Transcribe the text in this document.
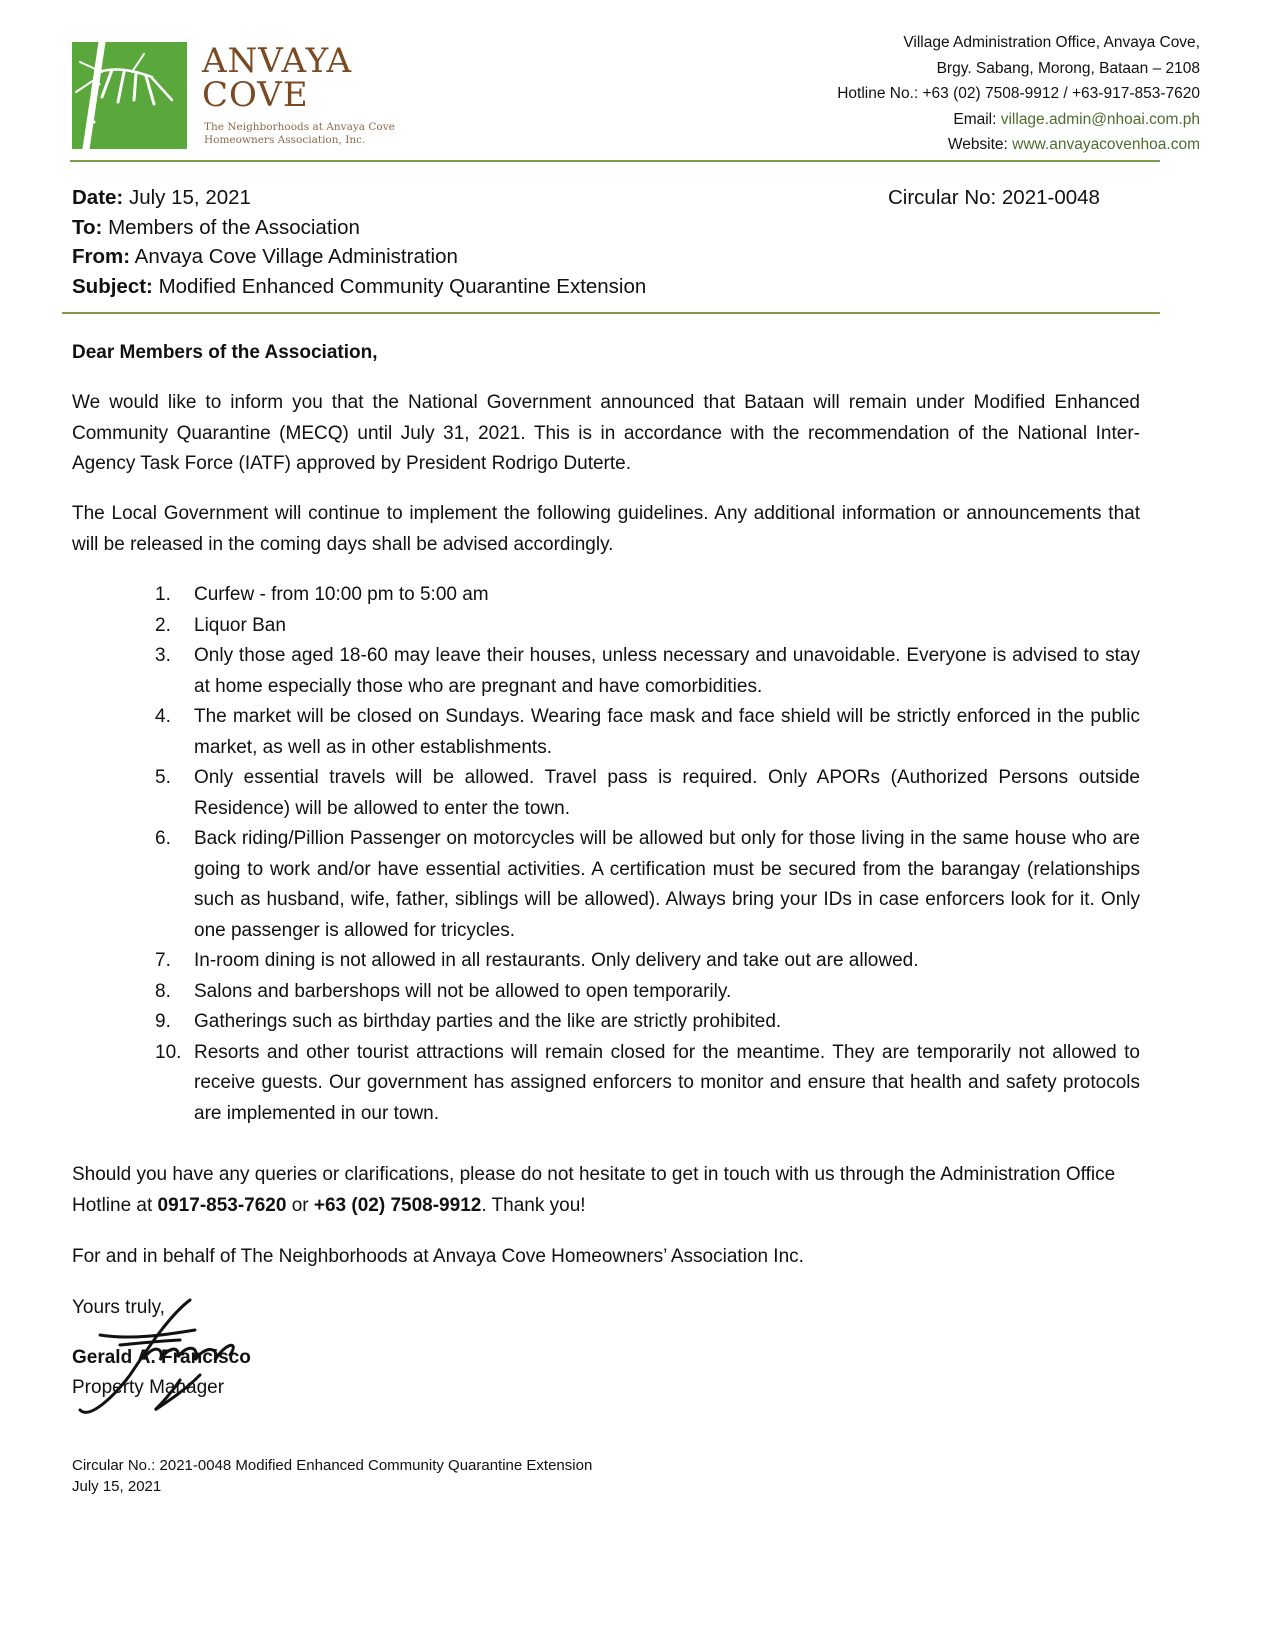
ANVAYA
COVE
The Neighborhoods at Anvaya Cove
Homeowners Association, Inc.
Village Administration Office, Anvaya Cove,
Brgy. Sabang, Morong, Bataan – 2108
Hotline No.: +63 (02) 7508-9912 / +63-917-853-7620
Email: village.admin@nhoai.com.ph
Website: www.anvayacovenhoa.com
Date: July 15, 2021
To: Members of the Association
From: Anvaya Cove Village Administration
Subject: Modified Enhanced Community Quarantine Extension
Circular No: 2021-0048
Dear Members of the Association,
We would like to inform you that the National Government announced that Bataan will remain under Modified Enhanced Community Quarantine (MECQ) until July 31, 2021. This is in accordance with the recommendation of the National Inter-Agency Task Force (IATF) approved by President Rodrigo Duterte.
The Local Government will continue to implement the following guidelines. Any additional information or announcements that will be released in the coming days shall be advised accordingly.
1.	Curfew - from 10:00 pm to 5:00 am
2.	Liquor Ban
3.	Only those aged 18-60 may leave their houses, unless necessary and unavoidable. Everyone is advised to stay at home especially those who are pregnant and have comorbidities.
4.	The market will be closed on Sundays. Wearing face mask and face shield will be strictly enforced in the public market, as well as in other establishments.
5.	Only essential travels will be allowed. Travel pass is required. Only APORs (Authorized Persons outside Residence) will be allowed to enter the town.
6.	Back riding/Pillion Passenger on motorcycles will be allowed but only for those living in the same house who are going to work and/or have essential activities. A certification must be secured from the barangay (relationships such as husband, wife, father, siblings will be allowed). Always bring your IDs in case enforcers look for it. Only one passenger is allowed for tricycles.
7.	In-room dining is not allowed in all restaurants. Only delivery and take out are allowed.
8.	Salons and barbershops will not be allowed to open temporarily.
9.	Gatherings such as birthday parties and the like are strictly prohibited.
10. Resorts and other tourist attractions will remain closed for the meantime. They are temporarily not allowed to receive guests. Our government has assigned enforcers to monitor and ensure that health and safety protocols are implemented in our town.
Should you have any queries or clarifications, please do not hesitate to get in touch with us through the Administration Office Hotline at 0917-853-7620 or +63 (02) 7508-9912. Thank you!
For and in behalf of The Neighborhoods at Anvaya Cove Homeowners’ Association Inc.
Yours truly,
Gerald A. Francisco
Property Manager
Circular No.: 2021-0048 Modified Enhanced Community Quarantine Extension
July 15, 2021
